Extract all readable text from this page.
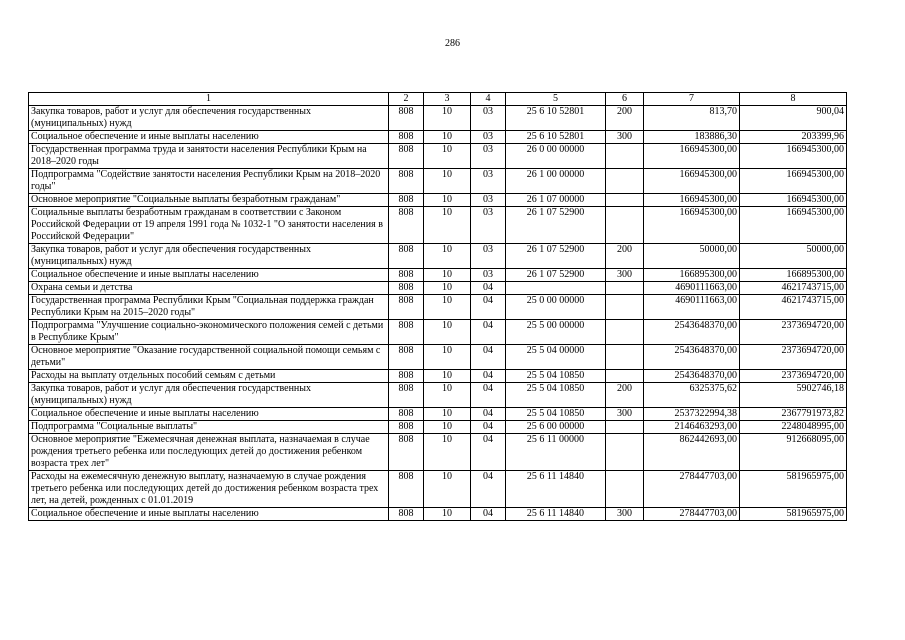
286
1	2	3	4	5	6	7	8
Закупка товаров, работ и услуг для обеспечения государственных (муниципальных) нужд	808	10	03	25 6 10 52801	200	813,70	900,04
Социальное обеспечение и иные выплаты населению	808	10	03	25 6 10 52801	300	183886,30	203399,96
Государственная программа труда и занятости населения Республики Крым на 2018–2020 годы	808	10	03	26 0 00 00000		166945300,00	166945300,00
Подпрограмма "Содействие занятости населения Республики Крым на 2018–2020 годы"	808	10	03	26 1 00 00000		166945300,00	166945300,00
Основное мероприятие "Социальные выплаты безработным гражданам"	808	10	03	26 1 07 00000		166945300,00	166945300,00
Социальные выплаты безработным гражданам в соответствии с Законом Российской Федерации от 19 апреля 1991 года № 1032-1 "О занятости населения в Российской Федерации"	808	10	03	26 1 07 52900		166945300,00	166945300,00
Закупка товаров, работ и услуг для обеспечения государственных (муниципальных) нужд	808	10	03	26 1 07 52900	200	50000,00	50000,00
Социальное обеспечение и иные выплаты населению	808	10	03	26 1 07 52900	300	166895300,00	166895300,00
Охрана семьи и детства	808	10	04			4690111663,00	4621743715,00
Государственная программа Республики Крым "Социальная поддержка граждан Республики Крым на 2015–2020 годы"	808	10	04	25 0 00 00000		4690111663,00	4621743715,00
Подпрограмма "Улучшение социально-экономического положения семей с детьми в Республике Крым"	808	10	04	25 5 00 00000		2543648370,00	2373694720,00
Основное мероприятие "Оказание государственной социальной помощи семьям с детьми"	808	10	04	25 5 04 00000		2543648370,00	2373694720,00
Расходы на выплату отдельных пособий семьям с детьми	808	10	04	25 5 04 10850		2543648370,00	2373694720,00
Закупка товаров, работ и услуг для обеспечения государственных (муниципальных) нужд	808	10	04	25 5 04 10850	200	6325375,62	5902746,18
Социальное обеспечение и иные выплаты населению	808	10	04	25 5 04 10850	300	2537322994,38	2367791973,82
Подпрограмма "Социальные выплаты"	808	10	04	25 6 00 00000		2146463293,00	2248048995,00
Основное мероприятие "Ежемесячная денежная выплата, назначаемая в случае рождения третьего ребенка или последующих детей до достижения ребенком возраста трех лет"	808	10	04	25 6 11 00000		862442693,00	912668095,00
Расходы на ежемесячную денежную выплату, назначаемую в случае рождения третьего ребенка или последующих детей до достижения ребенком возраста трех лет, на детей, рожденных с 01.01.2019	808	10	04	25 6 11 14840		278447703,00	581965975,00
Социальное обеспечение и иные выплаты населению	808	10	04	25 6 11 14840	300	278447703,00	581965975,00
